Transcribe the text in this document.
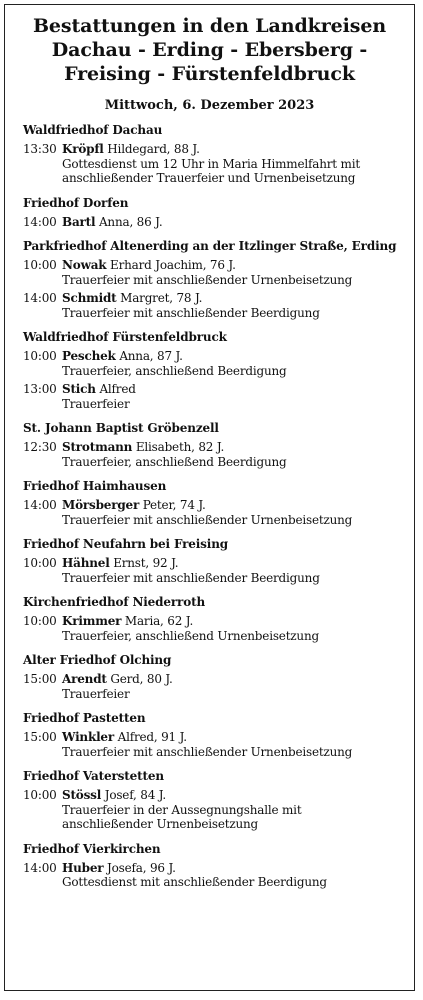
Bestattungen in den Landkreisen
Dachau - Erding - Ebersberg -
Freising - Fürstenfeldbruck
Mittwoch, 6. Dezember 2023
Waldfriedhof Dachau
13:30 Kröpfl Hildegard, 88 J.
Gottesdienst um 12 Uhr in Maria Himmelfahrt mit
anschließender Trauerfeier und Urnenbeisetzung
Friedhof Dorfen
14:00 Bartl Anna, 86 J.
Parkfriedhof Altenerding an der Itzlinger Straße, Erding
10:00 Nowak Erhard Joachim, 76 J.
Trauerfeier mit anschließender Urnenbeisetzung
14:00 Schmidt Margret, 78 J.
Trauerfeier mit anschließender Beerdigung
Waldfriedhof Fürstenfeldbruck
10:00 Peschek Anna, 87 J.
Trauerfeier, anschließend Beerdigung
13:00 Stich Alfred
Trauerfeier
St. Johann Baptist Gröbenzell
12:30 Strotmann Elisabeth, 82 J.
Trauerfeier, anschließend Beerdigung
Friedhof Haimhausen
14:00 Mörsberger Peter, 74 J.
Trauerfeier mit anschließender Urnenbeisetzung
Friedhof Neufahrn bei Freising
10:00 Hähnel Ernst, 92 J.
Trauerfeier mit anschließender Beerdigung
Kirchenfriedhof Niederroth
10:00 Krimmer Maria, 62 J.
Trauerfeier, anschließend Urnenbeisetzung
Alter Friedhof Olching
15:00 Arendt Gerd, 80 J.
Trauerfeier
Friedhof Pastetten
15:00 Winkler Alfred, 91 J.
Trauerfeier mit anschließender Urnenbeisetzung
Friedhof Vaterstetten
10:00 Stössl Josef, 84 J.
Trauerfeier in der Aussegnungshalle mit
anschließender Urnenbeisetzung
Friedhof Vierkirchen
14:00 Huber Josefa, 96 J.
Gottesdienst mit anschließender Beerdigung
